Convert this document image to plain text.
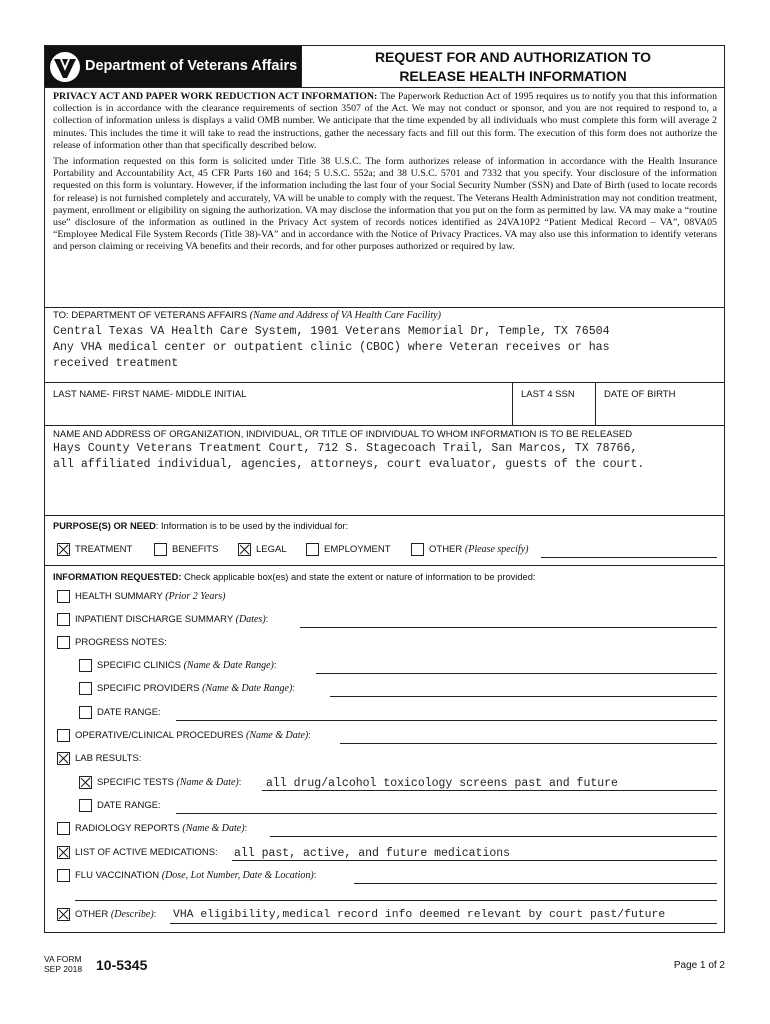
Department of Veterans Affairs
REQUEST FOR AND AUTHORIZATION TO
RELEASE HEALTH INFORMATION

PRIVACY ACT AND PAPER WORK REDUCTION ACT INFORMATION: The Paperwork Reduction Act of 1995 requires us to notify you that this information collection is in accordance with the clearance requirements of section 3507 of the Act. We may not conduct or sponsor, and you are not required to respond to, a collection of information unless is displays a valid OMB number. We anticipate that the time expended by all individuals who must complete this form will average 2 minutes. This includes the time it will take to read the instructions, gather the necessary facts and fill out this form. The execution of this form does not authorize the release of information other than that specifically described below.

The information requested on this form is solicited under Title 38 U.S.C. The form authorizes release of information in accordance with the Health Insurance Portability and Accountability Act, 45 CFR Parts 160 and 164; 5 U.S.C. 552a; and 38 U.S.C. 5701 and 7332 that you specify. Your disclosure of the information requested on this form is voluntary. However, if the information including the last four of your Social Security Number (SSN) and Date of Birth (used to locate records for release) is not furnished completely and accurately, VA will be unable to comply with the request. The Veterans Health Administration may not condition treatment, payment, enrollment or eligibility on signing the authorization. VA may disclose the information that you put on the form as permitted by law. VA may make a “routine use” disclosure of the information as outlined in the Privacy Act system of records notices identified as 24VA10P2 “Patient Medical Record – VA”, 08VA05 “Employee Medical File System Records (Title 38)-VA” and in accordance with the Notice of Privacy Practices. VA may also use this information to identify veterans and person claiming or receiving VA benefits and their records, and for other purposes authorized or required by law.

TO: DEPARTMENT OF VETERANS AFFAIRS (Name and Address of VA Health Care Facility)
Central Texas VA Health Care System, 1901 Veterans Memorial Dr, Temple, TX 76504
Any VHA medical center or outpatient clinic (CBOC) where Veteran receives or has
received treatment
LAST NAME- FIRST NAME- MIDDLE INITIAL	LAST 4 SSN	DATE OF BIRTH
NAME AND ADDRESS OF ORGANIZATION, INDIVIDUAL, OR TITLE OF INDIVIDUAL TO WHOM INFORMATION IS TO BE RELEASED
Hays County Veterans Treatment Court, 712 S. Stagecoach Trail, San Marcos, TX 78766,
all affiliated individual, agencies, attorneys, court evaluator, guests of the court.
PURPOSE(S) OR NEED: Information is to be used by the individual for:
TREATMENT	BENEFITS	LEGAL	EMPLOYMENT	OTHER (Please specify)
INFORMATION REQUESTED: Check applicable box(es) and state the extent or nature of information to be provided:
HEALTH SUMMARY (Prior 2 Years)
INPATIENT DISCHARGE SUMMARY (Dates):
PROGRESS NOTES:
SPECIFIC CLINICS (Name & Date Range):
SPECIFIC PROVIDERS (Name & Date Range):
DATE RANGE:
OPERATIVE/CLINICAL PROCEDURES (Name & Date):
LAB RESULTS:
SPECIFIC TESTS (Name & Date): all drug/alcohol toxicology screens past and future
DATE RANGE:
RADIOLOGY REPORTS (Name & Date):
LIST OF ACTIVE MEDICATIONS: all past, active, and future medications
FLU VACCINATION (Dose, Lot Number, Date & Location):
OTHER (Describe): VHA eligibility,medical record info deemed relevant by court past/future
VA FORM
SEP 2018 10-5345	Page 1 of 2
